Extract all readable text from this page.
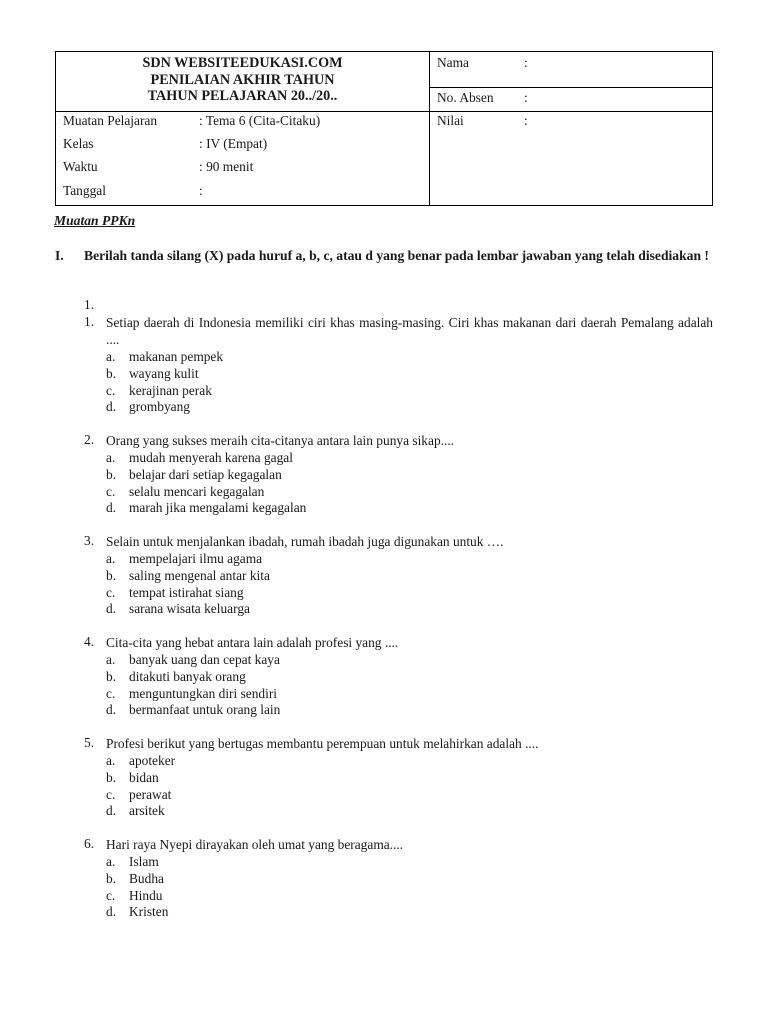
SDN WEBSITEEDUKASI.COM
PENILAIAN AKHIR TAHUN
TAHUN PELAJARAN 20../20..
Nama	:
No. Absen :
Muatan Pelajaran	: Tema 6 (Cita-Citaku)
Kelas	: IV (Empat)
Waktu	: 90 menit
Tanggal	:
Nilai	:
Muatan PPKn
I. Berilah tanda silang (X) pada huruf a, b, c, atau d yang benar pada lembar jawaban yang telah disediakan !
1.
1. Setiap daerah di Indonesia memiliki ciri khas masing-masing. Ciri khas makanan dari daerah Pemalang adalah ....
a. makanan pempek
b. wayang kulit
c. kerajinan perak
d. grombyang
2. Orang yang sukses meraih cita-citanya antara lain punya sikap....
a. mudah menyerah karena gagal
b. belajar dari setiap kegagalan
c. selalu mencari kegagalan
d. marah jika mengalami kegagalan
3. Selain untuk menjalankan ibadah, rumah ibadah juga digunakan untuk ….
a. mempelajari ilmu agama
b. saling mengenal antar kita
c. tempat istirahat siang
d. sarana wisata keluarga
4. Cita-cita yang hebat antara lain adalah profesi yang ....
a. banyak uang dan cepat kaya
b. ditakuti banyak orang
c. menguntungkan diri sendiri
d. bermanfaat untuk orang lain
5. Profesi berikut yang bertugas membantu perempuan untuk melahirkan adalah ....
a. apoteker
b. bidan
c. perawat
d. arsitek
6. Hari raya Nyepi dirayakan oleh umat yang beragama....
a. Islam
b. Budha
c. Hindu
d. Kristen
